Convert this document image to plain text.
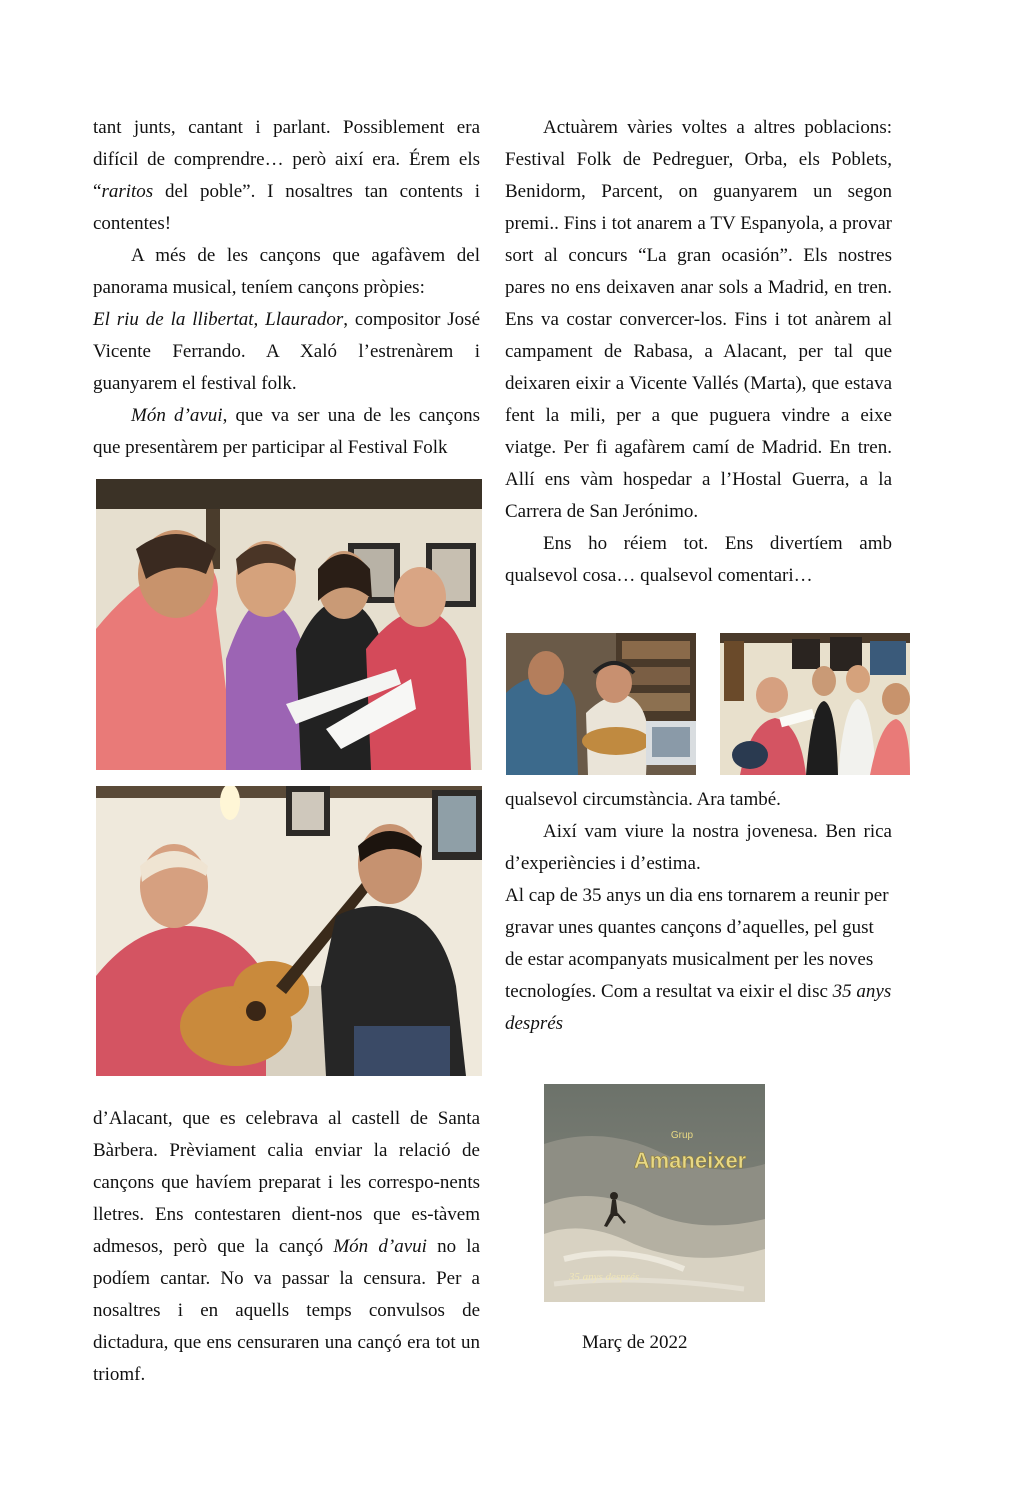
tant junts, cantant i parlant. Possiblement era difícil de comprendre… però així era. Érem els “raritos del poble”. I nosaltres tan contents i contentes!

A més de les cançons que agafàvem del panorama musical, teníem cançons pròpies:

El riu de la llibertat, Llaurador, compositor José Vicente Ferrando. A Xaló l’estrenàrem i guanyarem el festival folk.

Món d’avui, que va ser una de les cançons que presentàrem per participar al Festival Folk

d’Alacant, que es celebrava al castell de Santa Bàrbera. Prèviament calia enviar la relació de cançons que havíem preparat i les correspo-nents lletres. Ens contestaren dient-nos que es-tàvem admesos, però que la cançó Món d’avui no la podíem cantar. No va passar la censura. Per a nosaltres i en aquells temps convulsos de dictadura, que ens censuraren una cançó era tot un triomf.

Actuàrem vàries voltes a altres poblacions: Festival Folk de Pedreguer, Orba, els Poblets, Benidorm, Parcent, on guanyarem un segon premi.. Fins i tot anarem a TV Espanyola, a provar sort al concurs “La gran ocasión”. Els nostres pares no ens deixaven anar sols a Madrid, en tren. Ens va costar convercer-los. Fins i tot anàrem al campament de Rabasa, a Alacant, per tal que deixaren eixir a Vicente Vallés (Marta), que estava fent la mili, per a que puguera vindre a eixe viatge. Per fi agafàrem camí de Madrid. En tren. Allí ens vàm hospedar a l’Hostal Guerra, a la Carrera de San Jerónimo.

Ens ho réiem tot. Ens divertíem amb qualsevol cosa… qualsevol comentari…

qualsevol circumstància. Ara també.

Així vam viure la nostra jovenesa. Ben rica d’experiències i d’estima.

Al cap de 35 anys un dia ens tornarem a reunir per gravar unes quantes cançons d’aquelles, pel gust de estar acompanyats musicalment per les noves tecnologíes. Com a resultat va eixir el disc 35 anys després

Grup
Amaneixer
35 anys després
Març de 2022
